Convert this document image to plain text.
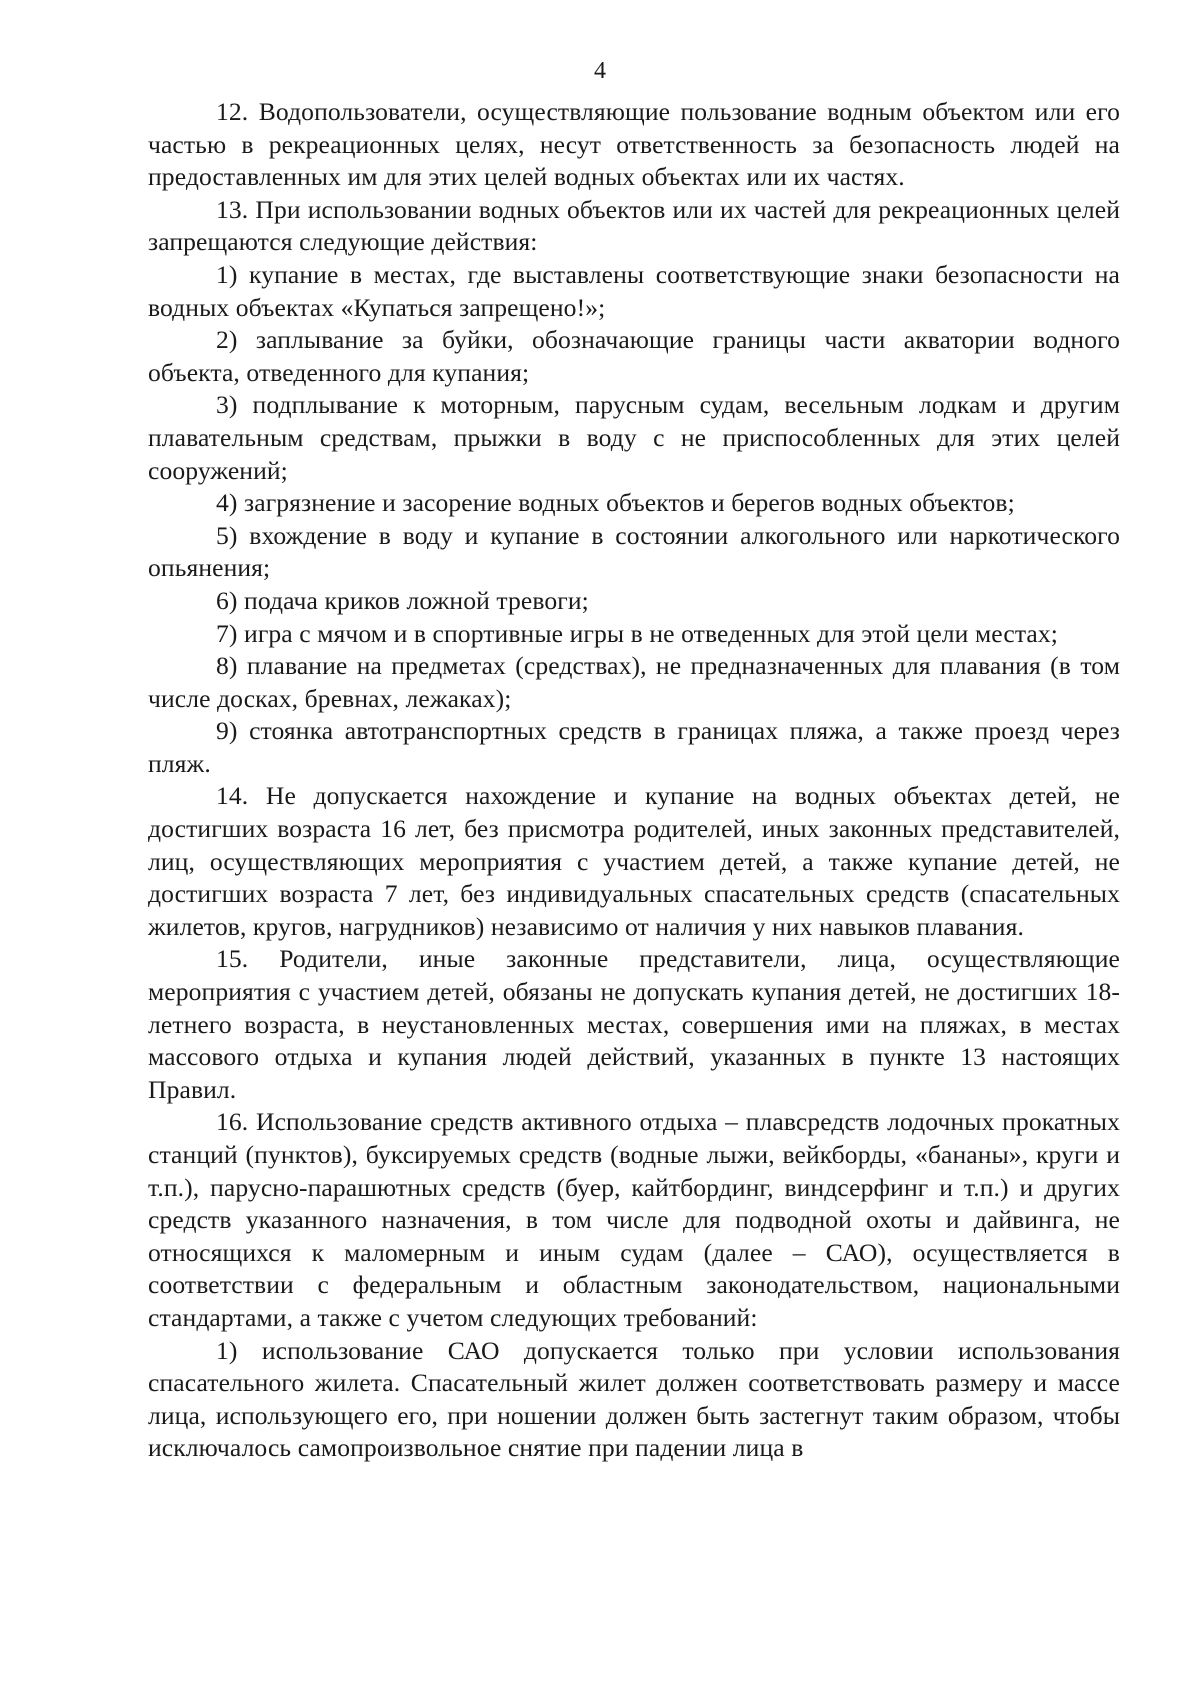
4

12. Водопользователи, осуществляющие пользование водным объектом или его частью в рекреационных целях, несут ответственность за безопасность людей на предоставленных им для этих целей водных объектах или их частях.

13. При использовании водных объектов или их частей для рекреационных целей запрещаются следующие действия:

1) купание в местах, где выставлены соответствующие знаки безопасности на водных объектах «Купаться запрещено!»;

2) заплывание за буйки, обозначающие границы части акватории водного объекта, отведенного для купания;

3) подплывание к моторным, парусным судам, весельным лодкам и другим плавательным средствам, прыжки в воду с не приспособленных для этих целей сооружений;

4) загрязнение и засорение водных объектов и берегов водных объектов;

5) вхождение в воду и купание в состоянии алкогольного или наркотического опьянения;

6) подача криков ложной тревоги;

7) игра с мячом и в спортивные игры в не отведенных для этой цели местах;

8) плавание на предметах (средствах), не предназначенных для плавания (в том числе досках, бревнах, лежаках);

9) стоянка автотранспортных средств в границах пляжа, а также проезд через пляж.

14. Не допускается нахождение и купание на водных объектах детей, не достигших возраста 16 лет, без присмотра родителей, иных законных представителей, лиц, осуществляющих мероприятия с участием детей, а также купание детей, не достигших возраста 7 лет, без индивидуальных спасательных средств (спасательных жилетов, кругов, нагрудников) независимо от наличия у них навыков плавания.

15. Родители, иные законные представители, лица, осуществляющие мероприятия с участием детей, обязаны не допускать купания детей, не достигших 18-летнего возраста, в неустановленных местах, совершения ими на пляжах, в местах массового отдыха и купания людей действий, указанных в пункте 13 настоящих Правил.

16. Использование средств активного отдыха – плавсредств лодочных прокатных станций (пунктов), буксируемых средств (водные лыжи, вейкборды, «бананы», круги и т.п.), парусно-парашютных средств (буер, кайтбординг, виндсерфинг и т.п.) и других средств указанного назначения, в том числе для подводной охоты и дайвинга, не относящихся к маломерным и иным судам (далее – САО), осуществляется в соответствии с федеральным и областным законодательством, национальными стандартами, а также с учетом следующих требований:

1) использование САО допускается только при условии использования спасательного жилета. Спасательный жилет должен соответствовать размеру и массе лица, использующего его, при ношении должен быть застегнут таким образом, чтобы исключалось самопроизвольное снятие при падении лица в
